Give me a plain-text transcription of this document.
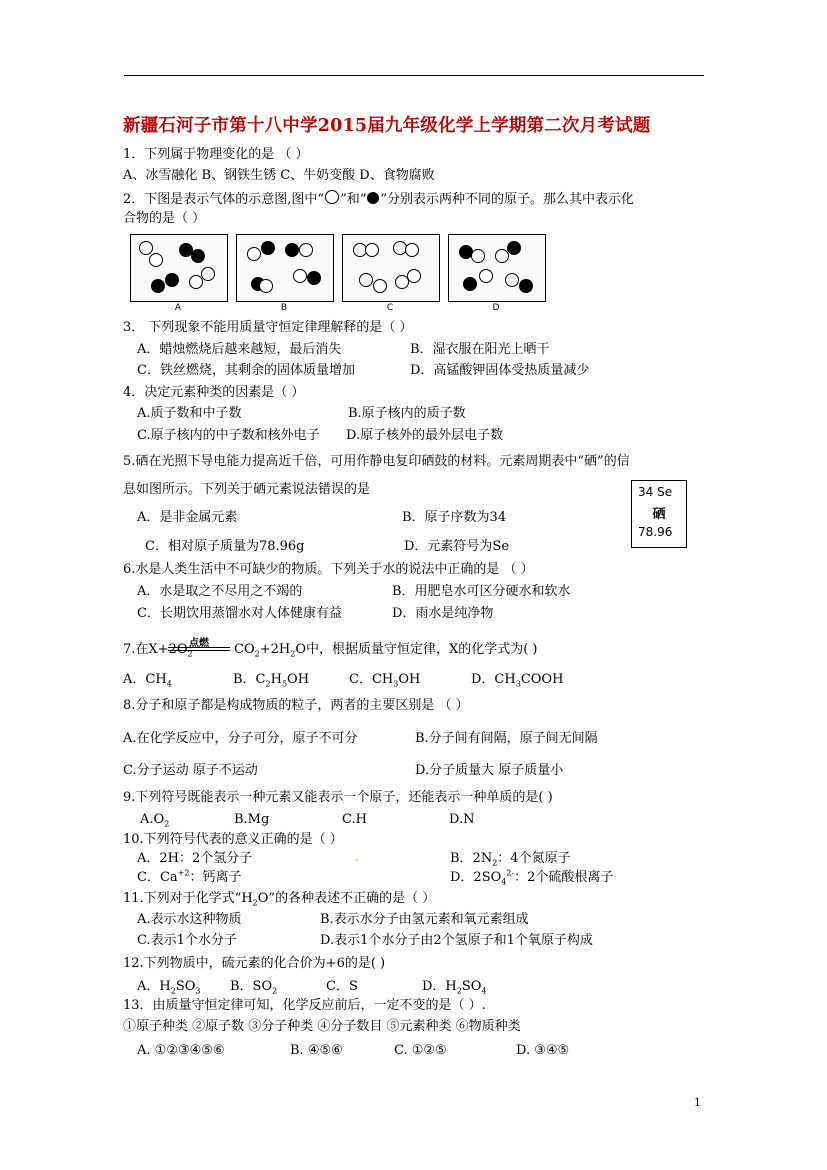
新疆石河子市第十八中学2015届九年级化学上学期第二次月考试题
1．下列属于物理变化的是 （ ）
A、冰雪融化 B、钢铁生锈 C、牛奶变酸 D、食物腐败
2．下图是表示气体的示意图,图中“ ”和“ ”分别表示两种不同的原子。那么其中表示化
合物的是（ ）
A	B	C	D
3． 下列现象不能用质量守恒定律理解释的是（ ）
A．蜡烛燃烧后越来越短，最后消失	B．湿衣服在阳光上晒干
C．铁丝燃烧，其剩余的固体质量增加	D．高锰酸钾固体受热质量减少
4．决定元素种类的因素是（ ）
A.质子数和中子数	B.原子核内的质子数
C.原子核内的中子数和核外电子 D.原子核外的最外层电子数
5.硒在光照下导电能力提高近千倍，可用作静电复印硒鼓的材料。元素周期表中“硒”的信
息如图所示。下列关于硒元素说法错误的是	34 Se
硒
78.96
A．是非金属元素	B．原子序数为34
C．相对原子质量为78.96g	D．元素符号为Se
6.水是人类生活中不可缺少的物质。下列关于水的说法中正确的是 （ ）
A．水是取之不尽用之不竭的	B．用肥皂水可区分硬水和软水
C．长期饮用蒸馏水对人体健康有益	D．雨水是纯净物
7.在$X+2O_2$
点燃	$CO_2+2H_2O$中，根据质量守恒定律，X的化学式为( )
A．$CH_4$	B．$C_2H_5OH$	C．$CH_3OH$	D．$CH_3COOH$
8.分子和原子都是构成物质的粒子，两者的主要区别是 （ ）
A.在化学反应中，分子可分，原子不可分	B.分子间有间隔，原子间无间隔
C.分子运动 原子不运动	D.分子质量大 原子质量小
9.下列符号既能表示一种元素又能表示一个原子，还能表示一种单质的是( )
$A.O_2$	B.Mg	C.H	D.N
10.下列符号代表的意义正确的是（ ）
A．2H：2个氢分子	.	B．$2N_2$：4个氮原子
C．$Ca^{+2}$：钙离子	D．$2SO_4^{2-}$：2个硫酸根离子
11.下列对于化学式“$H_2O$”的各种表述不正确的是（ ）
A.表示水这种物质	B.表示水分子由氢元素和氧元素组成
C.表示1个水分子	D.表示1个水分子由2个氢原子和1个氧原子构成
12.下列物质中，硫元素的化合价为+6的是( )
A．$H_2SO_3$ B．$SO_2$	C．S	D．$H_2SO_4$
13．由质量守恒定律可知，化学反应前后，一定不变的是（ ）.
①原子种类 ②原子数 ③分子种类 ④分子数目 ⑤元素种类 ⑥物质种类
A. ①②③④⑤⑥	B. ④⑤⑥	C. ①②⑤	D. ③④⑤
1
